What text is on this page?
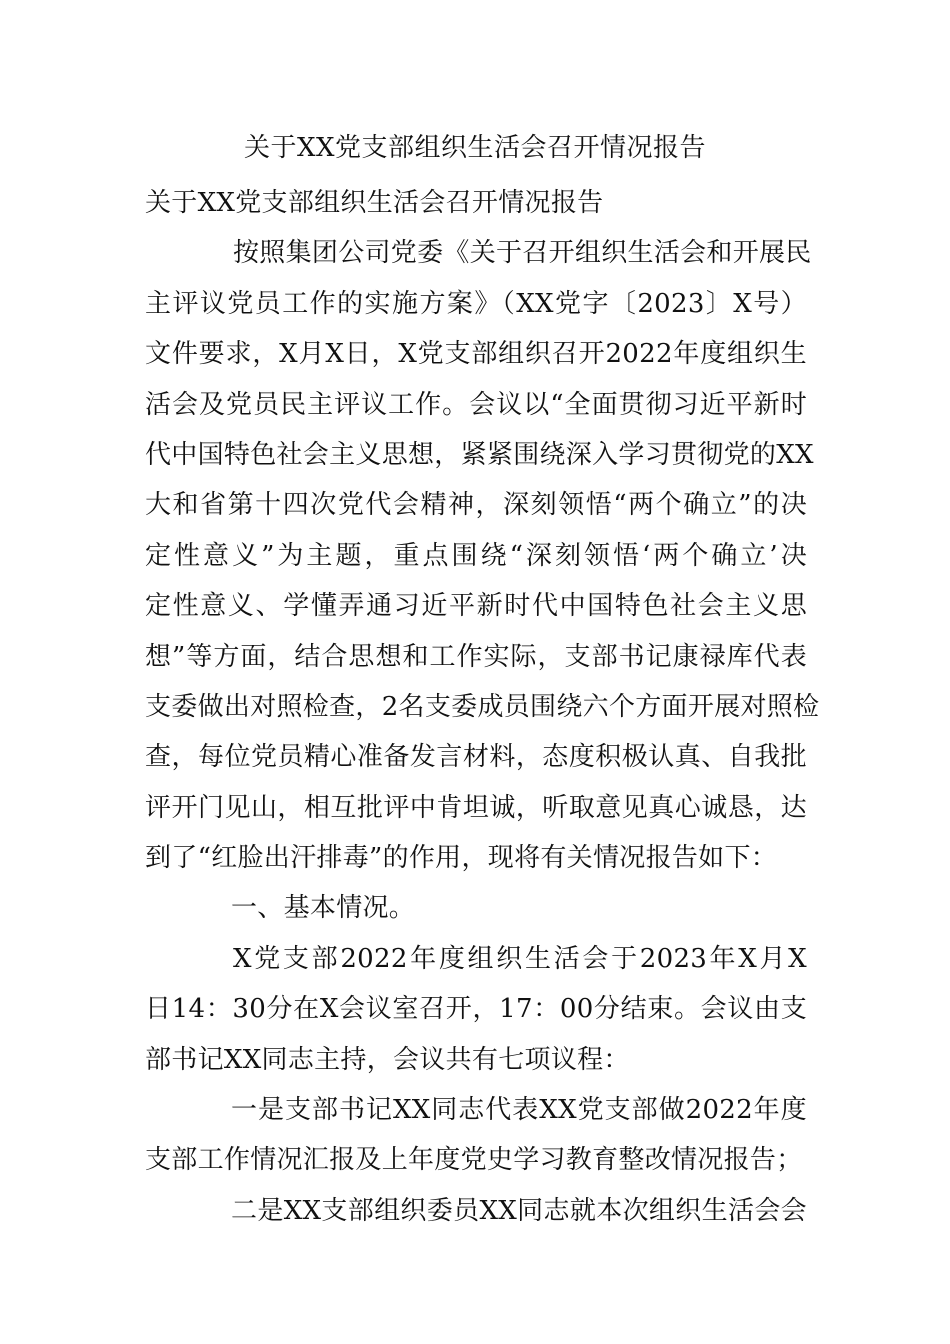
关于XX党支部组织生活会召开情况报告
关于XX党支部组织生活会召开情况报告
按照集团公司党委《关于召开组织生活会和开展民
主评议党员工作的实施方案》（XX党字〔2023〕X号）
文件要求，X月X日，X党支部组织召开2022年度组织生
活会及党员民主评议工作。会议以“全面贯彻习近平新时
代中国特色社会主义思想，紧紧围绕深入学习贯彻党的XX
大和省第十四次党代会精神，深刻领悟“两个确立”的决
定性意义”为主题，重点围绕“深刻领悟‘两个确立’决
定性意义、学懂弄通习近平新时代中国特色社会主义思
想”等方面，结合思想和工作实际，支部书记康禄库代表
支委做出对照检查，2名支委成员围绕六个方面开展对照检
查，每位党员精心准备发言材料，态度积极认真、自我批
评开门见山，相互批评中肯坦诚，听取意见真心诚恳，达
到了“红脸出汗排毒”的作用，现将有关情况报告如下：
一、基本情况。
X党支部2022年度组织生活会于2023年X月X
日14：30分在X会议室召开，17：00分结束。会议由支
部书记XX同志主持，会议共有七项议程：
一是支部书记XX同志代表XX党支部做2022年度
支部工作情况汇报及上年度党史学习教育整改情况报告；
二是XX支部组织委员XX同志就本次组织生活会会
